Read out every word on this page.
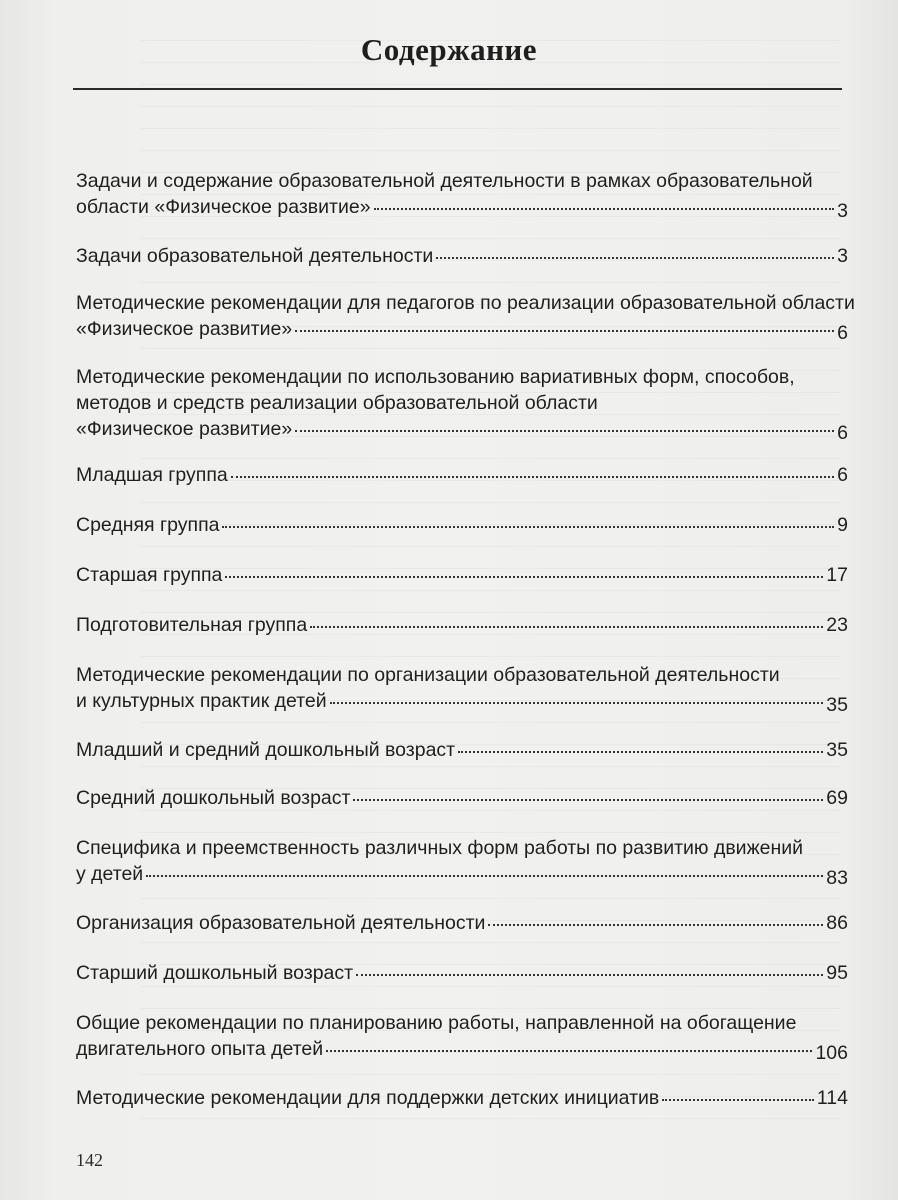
Содержание
Задачи и содержание образовательной деятельности в рамках образовательной
области «Физическое развитие»	3
Задачи образовательной деятельности	3
Методические рекомендации для педагогов по реализации образовательной области
«Физическое развитие»	6
Методические рекомендации по использованию вариативных форм, способов,
методов и средств реализации образовательной области
«Физическое развитие»	6
Младшая группа	6
Средняя группа	9
Старшая группа	17
Подготовительная группа	23
Методические рекомендации по организации образовательной деятельности
и культурных практик детей	35
Младший и средний дошкольный возраст	35
Средний дошкольный возраст	69
Специфика и преемственность различных форм работы по развитию движений
у детей	83
Организация образовательной деятельности	86
Старший дошкольный возраст	95
Общие рекомендации по планированию работы, направленной на обогащение
двигательного опыта детей	106
Методические рекомендации для поддержки детских инициатив	114
142
